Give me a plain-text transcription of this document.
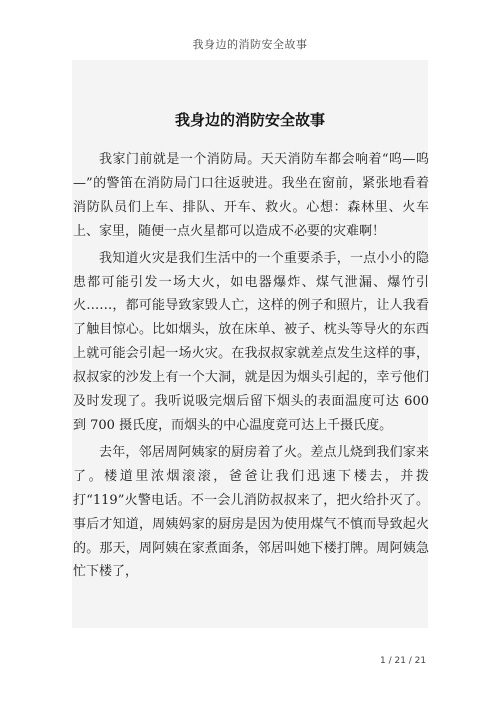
我身边的消防安全故事
我身边的消防安全故事

我家门前就是一个消防局。天天消防车都会响着“呜—呜—”的警笛在消防局门口往返驶进。我坐在窗前，紧张地看着消防队员们上车、排队、开车、救火。心想：森林里、火车上、家里，随便一点火星都可以造成不必要的灾难啊！

我知道火灾是我们生活中的一个重要杀手，一点小小的隐患都可能引发一场大火，如电器爆炸、煤气泄漏、爆竹引火……，都可能导致家毁人亡，这样的例子和照片，让人我看了触目惊心。比如烟头，放在床单、被子、枕头等导火的东西上就可能会引起一场火灾。在我叔叔家就差点发生这样的事，叔叔家的沙发上有一个大洞，就是因为烟头引起的，幸亏他们及时发现了。我听说吸完烟后留下烟头的表面温度可达 600 到 700 摄氏度，而烟头的中心温度竟可达上千摄氏度。

去年，邻居周阿姨家的厨房着了火。差点儿烧到我们家来了。楼道里浓烟滚滚，爸爸让我们迅速下楼去，并拨打“119”火警电话。不一会儿消防叔叔来了，把火给扑灭了。事后才知道，周姨妈家的厨房是因为使用煤气不慎而导致起火的。那天，周阿姨在家煮面条，邻居叫她下楼打牌。周阿姨急忙下楼了，

1 / 21 / 21
